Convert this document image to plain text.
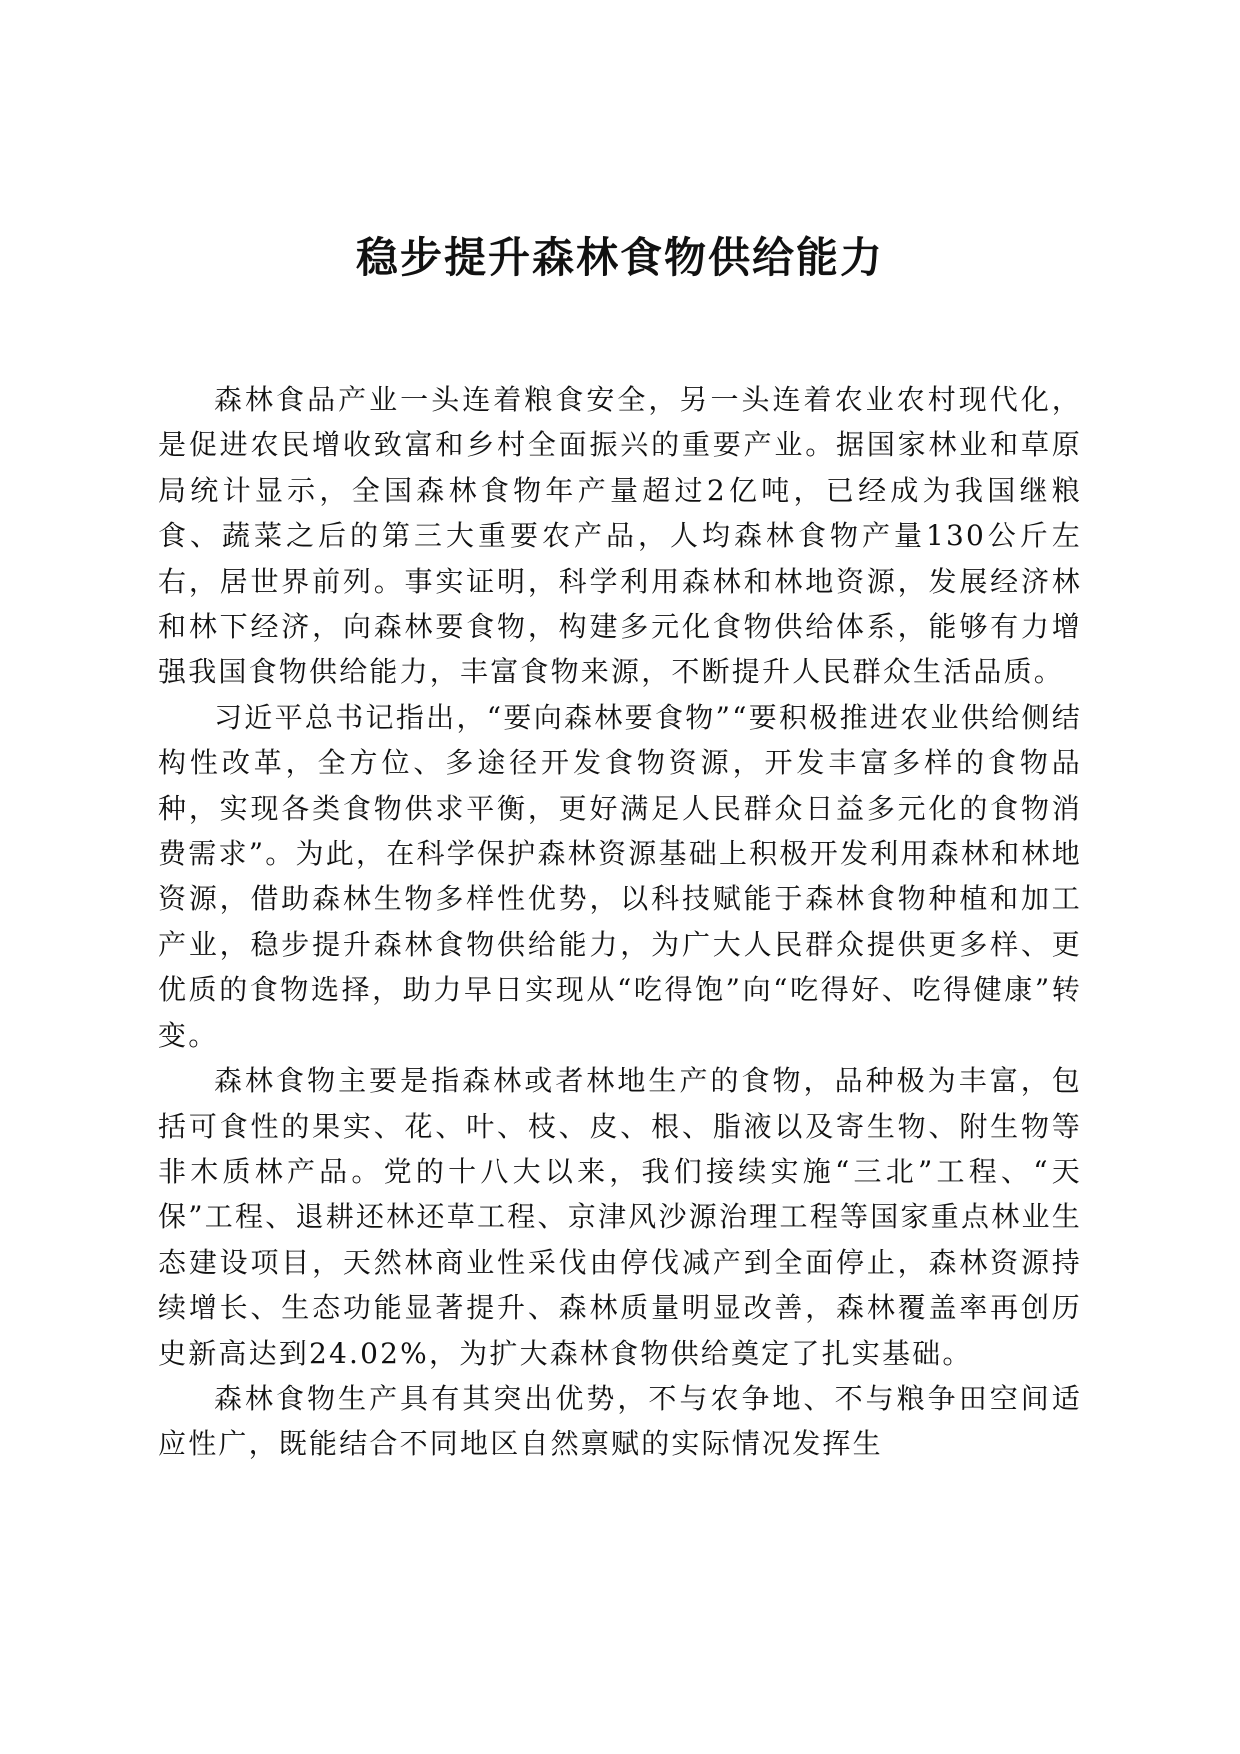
稳步提升森林食物供给能力

森林食品产业一头连着粮食安全，另一头连着农业农村现代化，是促进农民增收致富和乡村全面振兴的重要产业。据国家林业和草原局统计显示，全国森林食物年产量超过2亿吨，已经成为我国继粮食、蔬菜之后的第三大重要农产品，人均森林食物产量130公斤左右，居世界前列。事实证明，科学利用森林和林地资源，发展经济林和林下经济，向森林要食物，构建多元化食物供给体系，能够有力增强我国食物供给能力，丰富食物来源，不断提升人民群众生活品质。

习近平总书记指出，“要向森林要食物”“要积极推进农业供给侧结构性改革，全方位、多途径开发食物资源，开发丰富多样的食物品种，实现各类食物供求平衡，更好满足人民群众日益多元化的食物消费需求”。为此，在科学保护森林资源基础上积极开发利用森林和林地资源，借助森林生物多样性优势，以科技赋能于森林食物种植和加工产业，稳步提升森林食物供给能力，为广大人民群众提供更多样、更优质的食物选择，助力早日实现从“吃得饱”向“吃得好、吃得健康”转变。

森林食物主要是指森林或者林地生产的食物，品种极为丰富，包括可食性的果实、花、叶、枝、皮、根、脂液以及寄生物、附生物等非木质林产品。党的十八大以来，我们接续实施“三北”工程、“天保”工程、退耕还林还草工程、京津风沙源治理工程等国家重点林业生态建设项目，天然林商业性采伐由停伐减产到全面停止，森林资源持续增长、生态功能显著提升、森林质量明显改善，森林覆盖率再创历史新高达到24.02%，为扩大森林食物供给奠定了扎实基础。

森林食物生产具有其突出优势，不与农争地、不与粮争田空间适应性广，既能结合不同地区自然禀赋的实际情况发挥生
